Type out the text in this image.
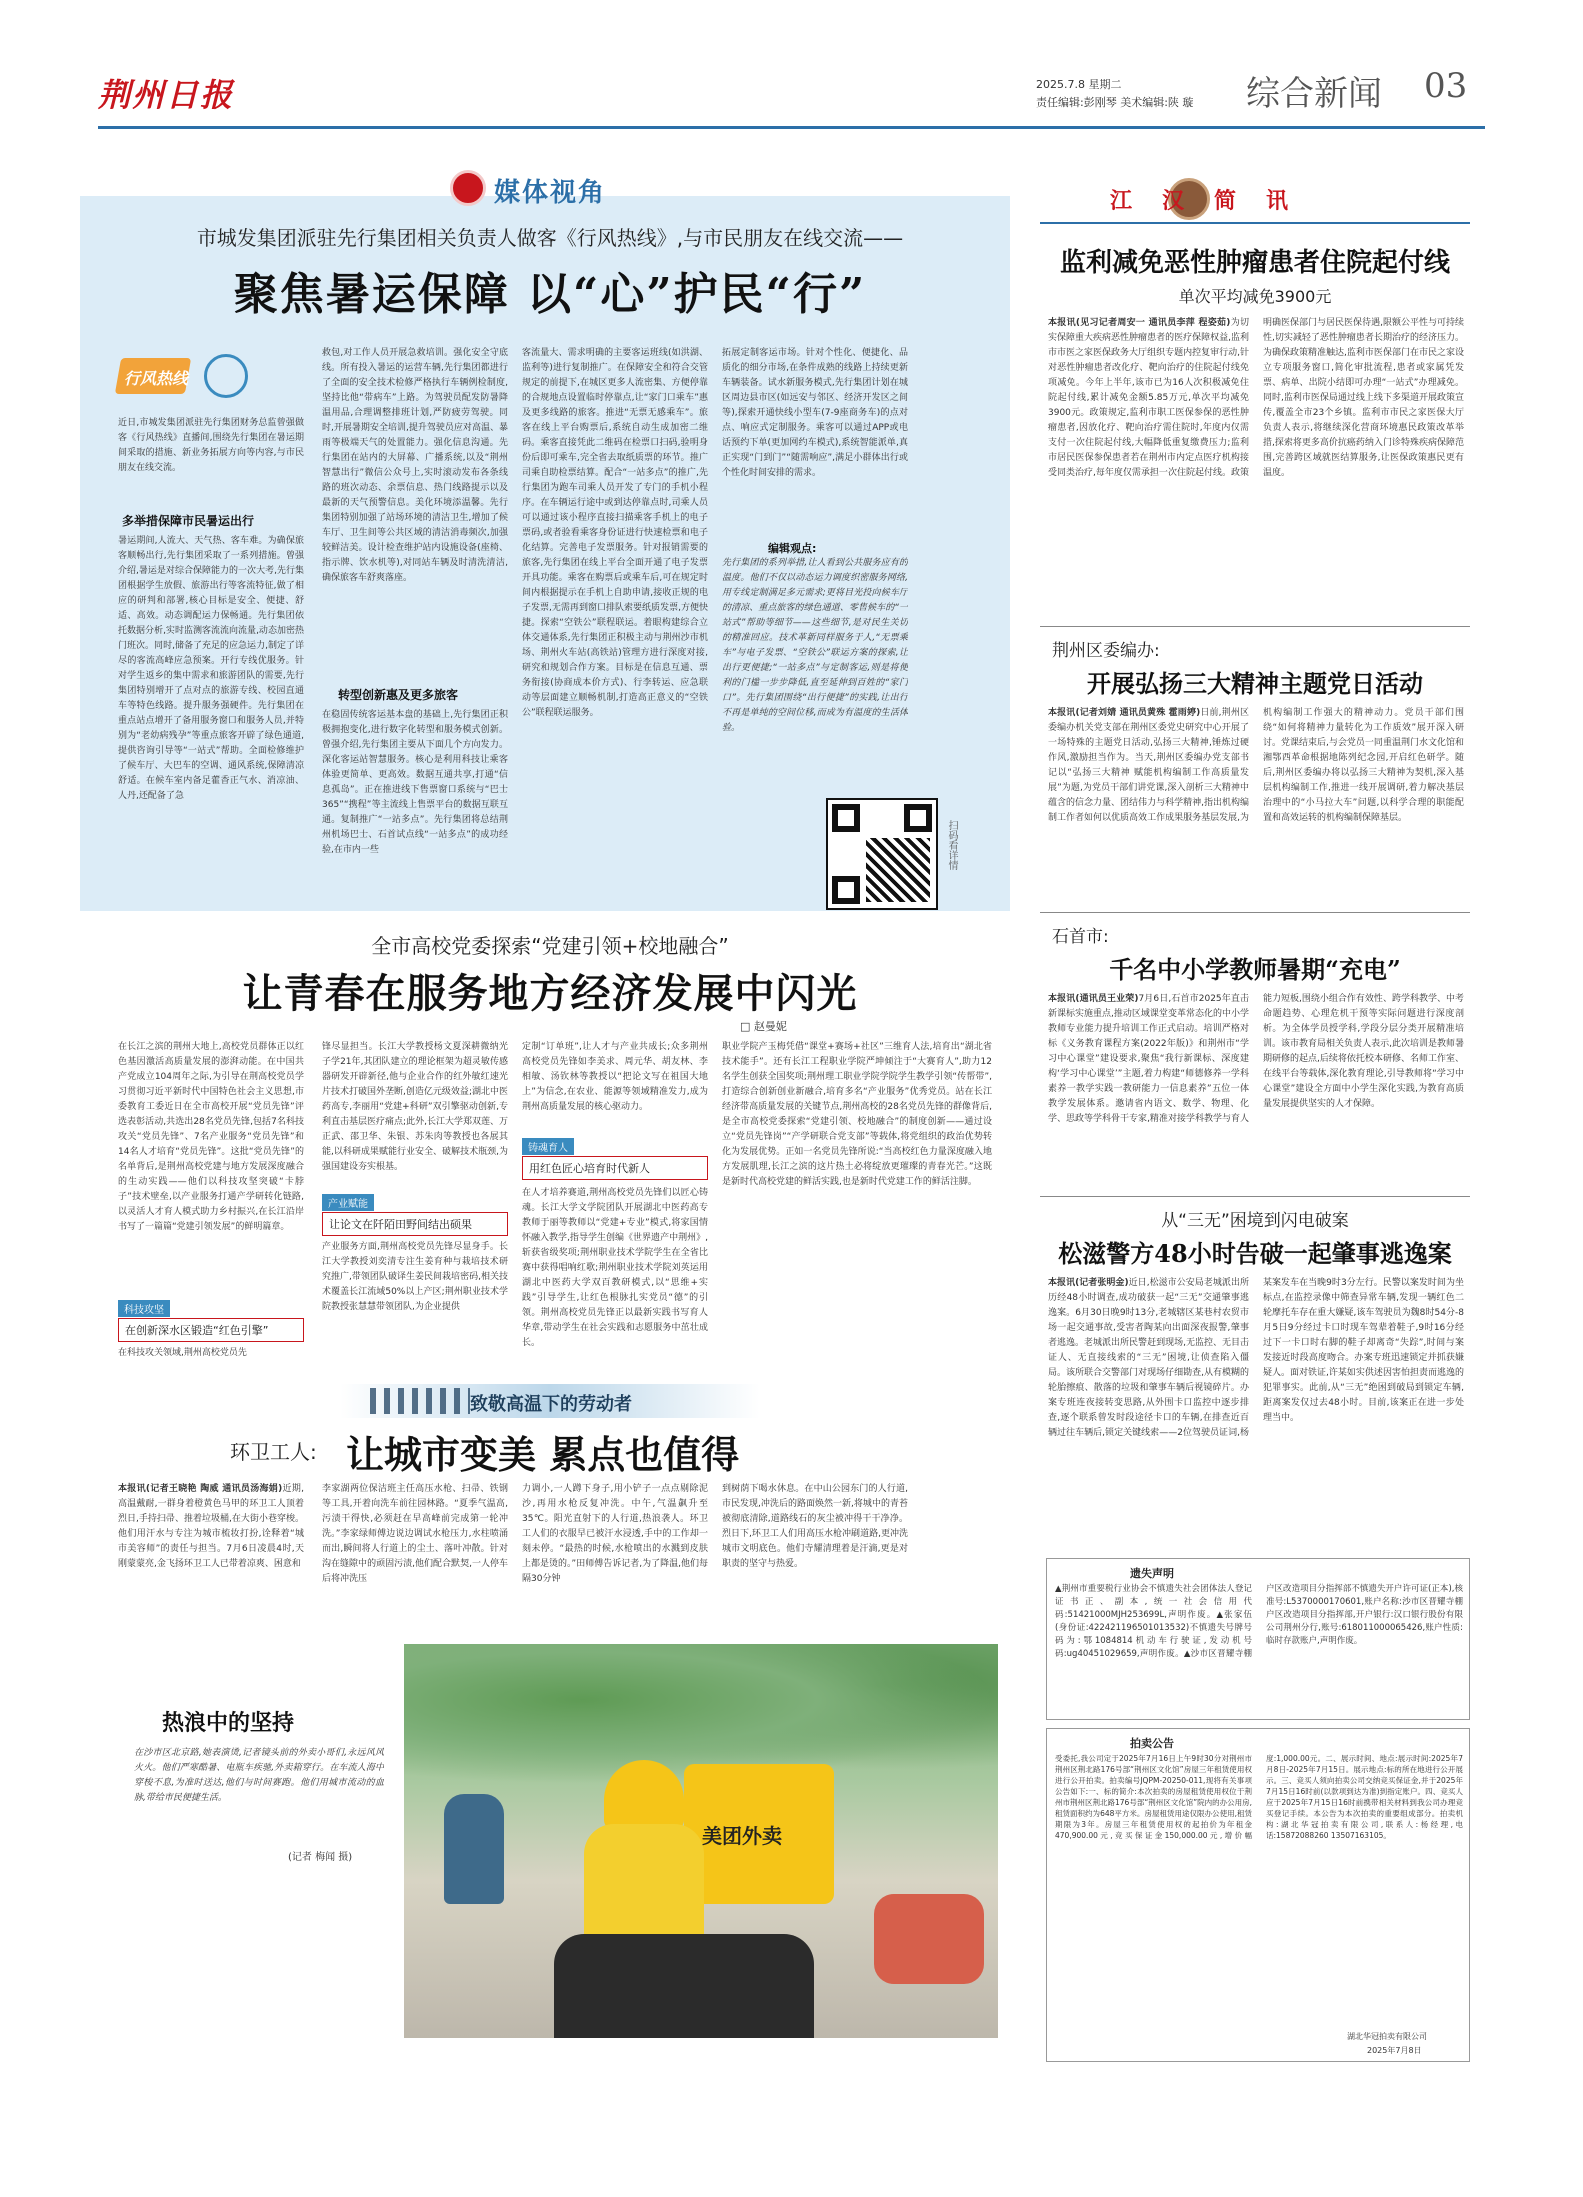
荆州日报	2025.7.8 星期二
责任编辑:彭刚琴 美术编辑:陕 璇 综合新闻 03
媒体视角
市城发集团派驻先行集团相关负责人做客《行风热线》,与市民朋友在线交流——
聚焦暑运保障 以“心”护民“行”
行风热线
近日,市城发集团派驻先行集团财务总监曾强做客《行风热线》直播间,围绕先行集团在暑运期间采取的措施、新业务拓展方向等内容,与市民朋友在线交流。
多举措保障市民暑运出行
暑运期间,人流大、天气热、客车难。为确保旅客顺畅出行,先行集团采取了一系列措施。曾强介绍,暑运是对综合保障能力的一次大考,先行集团根据学生放假、旅游出行等客流特征,做了相应的研判和部署,核心目标是安全、便捷、舒适、高效。动态调配运力保畅通。先行集团依托数据分析,实时监测客流流向流量,动态加密热门班次。同时,储备了充足的应急运力,制定了详尽的客流高峰应急预案。开行专线优服务。针对学生返乡的集中需求和旅游团队的需要,先行集团特别增开了点对点的旅游专线、校园直通车等特色线路。提升服务强硬件。先行集团在重点站点增开了备用服务窗口和服务人员,并特别为“老幼病残孕”等重点旅客开辟了绿色通道,提供咨询引导等“一站式”帮助。全面检修维护了候车厅、大巴车的空调、通风系统,保障清凉舒适。在候车室内备足藿香正气水、消凉油、人丹,还配备了急
救包,对工作人员开展急救培训。强化安全守底线。所有投入暑运的运营车辆,先行集团都进行了全面的安全技术检修严格执行车辆例检制度,坚持比他“带病车”上路。为驾驶员配发防暑降温用品,合理调整排班计划,严防疲劳驾驶。同时,开展暑期安全培训,提升驾驶员应对高温、暴雨等极端天气的处置能力。强化信息沟通。先行集团在站内的大屏幕、广播系统,以及“荆州智慧出行”微信公众号上,实时滚动发布各条线路的班次动态、余票信息、热门线路提示以及最新的天气预警信息。美化环境添温馨。先行集团特别加强了站场环境的清洁卫生,增加了候车厅、卫生间等公共区域的清洁消毒频次,加强较鲜洁美。设计检查维护站内设施设备(座椅、指示牌、饮水机等),对同站车辆及时清洗清洁,确保旅客车舒爽落座。
转型创新惠及更多旅客
在稳固传统客运基本盘的基础上,先行集团正积极拥抱变化,进行数字化转型和服务模式创新。曾强介绍,先行集团主要从下面几个方向发力。深化客运站智慧服务。核心是利用科技让乘客体验更简单、更高效。数据互通共享,打通“信息孤岛”。正在推进线下售票窗口系统与“巴士365”“携程”等主流线上售票平台的数据互联互通。复制推广“一站多点”。先行集团将总结荆州机场巴士、石首试点线“一站多点”的成功经验,在市内一些
客流量大、需求明确的主要客运班线(如洪湖、监利等)进行复制推广。在保障安全和符合交管规定的前提下,在城区更多人流密集、方便停靠的合规地点设置临时停靠点,让“家门口乘车”惠及更多线路的旅客。推进“无票无感乘车”。旅客在线上平台购票后,系统自动生成加密二维码。乘客直接凭此二维码在检票口扫码,验明身份后即可乘车,完全省去取纸质票的环节。推广司乘自助检票结算。配合“一站多点”的推广,先行集团为跑车司乘人员开发了专门的手机小程序。在车辆运行途中或到达停靠点时,司乘人员可以通过该小程序直接扫描乘客手机上的电子票码,或者验看乘客身份证进行快速检票和电子化结算。完善电子发票服务。针对报销需要的旅客,先行集团在线上平台全面开通了电子发票开具功能。乘客在购票后或乘车后,可在规定时间内根据提示在手机上自助申请,接收正规的电子发票,无需再到窗口排队索要纸质发票,方便快捷。探索“空铁公”联程联运。着眼构建综合立体交通体系,先行集团正积极主动与荆州沙市机场、荆州火车站(高铁站)管理方进行深度对接,研究和规划合作方案。目标是在信息互通、票务衔接(协商成本价方式)、行李转运、应急联动等层面建立顺畅机制,打造高正意义的“空铁公”联程联运服务。
拓展定制客运市场。针对个性化、便捷化、品质化的细分市场,在条件成熟的线路上持续更新车辆装备。试水新服务模式,先行集团计划在城区周边县市区(如远安与邻区、经济开发区之间等),探索开通快线小型车(7-9座商务车)的点对点、响应式定制服务。乘客可以通过APP或电话预约下单(更加网约车模式),系统智能派单,真正实现“门到门”“随需响应”,满足小群体出行或个性化时间安排的需求。
编辑观点:
先行集团的系列举措,让人看到公共服务应有的温度。他们不仅以动态运力调度织密服务网络,用专线定制满足多元需求;更将目光投向候车厅的清凉、重点旅客的绿色通道、零售候车的“一站式”帮助等细节——这些细节,是对民生关切的精准回应。技术革新同样服务于人,“无票乘车”与电子发票、“空铁公”联运方案的探索,让出行更便捷;“一站多点”与定制客运,则是将便利的门槛一步步降低,直至延伸到百姓的“家门口”。先行集团围绕“出行便捷”的实践,让出行不再是单纯的空间位移,而成为有温度的生活体验。
扫码看详情
全市高校党委探索“党建引领+校地融合”
让青春在服务地方经济发展中闪光
□ 赵曼妮
在长江之滨的荆州大地上,高校党员群体正以红色基因激活高质量发展的澎湃动能。在中国共产党成立104周年之际,为引导在荆高校党员学习贯彻习近平新时代中国特色社会主义思想,市委教育工委近日在全市高校开展“党员先锋”评选表彰活动,共选出28名党员先锋,包括7名科技攻关“党员先锋”、7名产业服务“党员先锋”和14名人才培育“党员先锋”。这批“党员先锋”的名单背后,是荆州高校党建与地方发展深度融合的生动实践——他们以科技攻坚突破“卡脖子”技术壁垒,以产业服务打通产学研转化链路,以灵活人才育人模式助力乡村振兴,在长江沿岸书写了一篇篇“党建引领发展”的鲜明篇章。
科技攻坚
在创新深水区锻造“红色引擎”
在科技攻关领域,荆州高校党员先
锋尽显担当。长江大学教授杨文夏深耕微纳光子学21年,其团队建立的理论框架为超灵敏传感器研发开辟新径,他与企业合作的红外敏红速光片技术打破国外垄断,创造亿元级效益;湖北中医药高专,李丽用“党建+科研”双引擎驱动创新,专利直击基层医疗痛点;此外,长江大学郑双莲、万正武、邵卫华、朱银、苏朱肉等教授也各展其能,以科研成果赋能行业安全、破解技术瓶颈,为强国建设夯实根基。
产业赋能
让论文在阡陌田野间结出硕果
产业服务方面,荆州高校党员先锋尽显身手。长江大学教授刘奕清专注生姜育种与栽培技术研究推广,带领团队破译生姜民间栽培密码,相关技术覆盖长江流域50%以上产区;荆州职业技术学院教授张慧慧带领团队,为企业提供
定制“订单班”,让人才与产业共成长;众多荆州高校党员先锋如李美求、周元华、胡友林、李相敏、汤钦林等教授以“把论文写在祖国大地上”为信念,在农业、能源等领域精准发力,成为荆州高质量发展的核心驱动力。
铸魂育人
用红色匠心培育时代新人
在人才培养赛道,荆州高校党员先锋们以匠心铸魂。长江大学文学院团队开展湖北中医药高专教师于丽等教师以“党建+专业”模式,将家国情怀融入教学,指导学生创编《世界遗产中荆州》,斩获省级奖项;荆州职业技术学院学生在全省比赛中获得唱响红歌;荆州职业技术学院刘英运用湖北中医药大学双百教研模式,以“思维+实践”引导学生,让红色根脉扎实党员“德”的引领。荆州高校党员先锋正以最新实践书写育人华章,带动学生在社会实践和志愿服务中茁壮成长。
职业学院产玉梅凭借“课堂+赛场+社区”三维育人法,培育出“湖北省技术能手”。还有长江工程职业学院严坤倾注于“大赛育人”,助力12名学生创获全国奖项;荆州理工职业学院学院学生教学引领“传帮带”,打造综合创新创业新融合,培育多名“产业服务”优秀党员。站在长江经济带高质量发展的关键节点,荆州高校的28名党员先锋的群像背后,是全市高校党委探索“党建引领、校地融合”的制度创新——通过设立“党员先锋岗”“产学研联合党支部”等载体,将党组织的政治优势转化为发展优势。正如一名党员先锋所说:“当高校红色力量深度融入地方发展肌理,长江之滨的这片热土必将绽放更璀璨的青春光芒。”这既是新时代高校党建的鲜活实践,也是新时代党建工作的鲜活注脚。
致敬高温下的劳动者
环卫工人: 让城市变美 累点也值得
本报讯(记者王晓艳 陶威 通讯员汤海娟)近期,高温戴耐,一群身着橙黄色马甲的环卫工人顶着烈日,手持扫帚、推着垃圾桶,在大街小巷穿梭。他们用汗水与专注为城市梳妆打扮,诠释着“城市美容师”的责任与担当。7月6日凌晨4时,天刚蒙蒙亮,金飞扬环卫工人已带着凉爽、困意和
李家湖两位保洁班主任高压水枪、扫帚、铁钢等工具,开着向洗车前往园林路。“夏季气温高,污渍干得快,必须赶在早高峰前完成第一轮冲洗。”李家绿师傅边说边调试水枪压力,水柱喷涌而出,瞬间将人行道上的尘土、落叶冲散。针对沟在缝隙中的顽固污渍,他们配合默契,一人停车后将冲洗压
力调小,一人蹲下身子,用小铲子一点点剔除泥沙,再用水枪反复冲洗。中午,气温飙升至35℃。阳光直射下的人行道,热浪袭人。环卫工人们的衣服早已被汗水浸透,手中的工作却一刻未停。“最热的时候,水枪喷出的水溅到皮肤上都是烫的。”田师傅告诉记者,为了降温,他们每隔30分钟
到树荫下喝水休息。在中山公园东门的人行道,市民发现,冲洗后的路面焕然一新,将城中的青苔被彻底清除,道路线石的灰尘被冲得干干净净。烈日下,环卫工人们用高压水枪冲刷道路,更冲洗城市文明底色。他们寺耀清理着是汗滴,更是对职责的坚守与热爱。
热浪中的坚持
在沙市区北京路,她表演烫,记者镜头前的外卖小哥们,永远风风火火。他们严寒酷暑、电瓶车疾驰,外卖箱穿行。在车流人海中穿梭不息,为准时送达,他们与时间赛跑。他们用城市流动的血脉,带给市民便捷生活。
(记者 梅闻 摄)
美团外卖
江汉简讯
监利减免恶性肿瘤患者住院起付线
单次平均减免3900元
本报讯(见习记者周安一 通讯员李萍 程姿茹)为切实保障重大疾病恶性肿瘤患者的医疗保障权益,监利市市医之家医保政务大厅组织专题内控复审行动,针对恶性肿瘤患者改化疗、靶向治疗的住院起付线免项减免。今年上半年,该市已为16人次积极减免住院起付线,累计减免金额5.85万元,单次平均减免3900元。政策规定,监利市职工医保参保的恶性肿瘤患者,因放化疗、靶向治疗需住院时,年度内仅需支付一次住院起付线,大幅降低重复缴费压力;监利市居民医保参保患者若在荆州市内定点医疗机构接受同类治疗,每年度仅需承担一次住院起付线。政策明确医保部门与居民医保待遇,限额公平性与可持续性,切实减轻了恶性肿瘤患者长期治疗的经济压力。为确保政策精准触达,监利市医保部门在市民之家设立专项服务窗口,简化审批流程,患者或家属凭发票、病单、出院小结即可办理“一站式”办理减免。同时,监利市医保局通过线上线下多渠道开展政策宣传,覆盖全市23个乡镇。监利市市民之家医保大厅负责人表示,将继续深化营商环境惠民政策改革举措,探索将更多高价抗癌药纳入门诊特殊疾病保障范围,完善跨区域就医结算服务,让医保政策惠民更有温度。
荆州区委编办:
开展弘扬三大精神主题党日活动
本报讯(记者刘婧 通讯员黄殊 霍雨婷)日前,荆州区委编办机关党支部在荆州区委党史研究中心开展了一场特殊的主题党日活动,弘扬三大精神,锤炼过硬作风,激励担当作为。当天,荆州区委编办党支部书记以“弘扬三大精神 赋能机构编制工作高质量发展”为题,为党员干部们讲党课,深入剖析三大精神中蕴含的信念力量、团结伟力与科学精神,指出机构编制工作者如何以优质高效工作成果服务基层发展,为机构编制工作强大的精神动力。党员干部们围绕“如何将精神力量转化为工作质效”展开深入研讨。党课结束后,与会党员一同重温荆门水文化馆和湘鄂西革命根据地陈列纪念园,开启红色研学。随后,荆州区委编办将以弘扬三大精神为契机,深入基层机构编制工作,推进一线开展调研,着力解决基层治理中的“小马拉大车”问题,以科学合理的职能配置和高效运转的机构编制保障基层。
石首市:
千名中小学教师暑期“充电”
本报讯(通讯员王业荣)7月6日,石首市2025年直击新课标实施重点,推动区域课堂变革常态化的中小学教师专业能力提升培训工作正式启动。培训严格对标《义务教育课程方案(2022年版)》和荆州市“学习中心课堂”建设要求,聚焦“我行新课标、深度建构‘学习中心课堂’”主题,着力构建“师德修养一学科素养一教学实践一教研能力一信息素养”五位一体教学发展体系。邀请省内语文、数学、物理、化学、思政等学科骨干专家,精准对接学科教学与育人能力短板,围绕小组合作有效性、跨学科教学、中考命题趋势、心理危机干预等实际问题进行深度剖析。为全体学员授学科,学段分层分类开展精准培训。该市教育局相关负责人表示,此次培训是教师暑期研修的起点,后续将依托校本研修、名师工作室、在线平台等载体,深化教育理论,引导教师将“学习中心课堂”建设全方面中小学生深化实践,为教育高质量发展提供坚实的人才保障。
从“三无”困境到闪电破案
松滋警方48小时告破一起肇事逃逸案
本报讯(记者张明金)近日,松滋市公安局老城派出所历经48小时调查,成功破获一起“三无”交通肇事逃逸案。6月30日晚9时13分,老城辖区某巷村农贸市场一起交通事故,受害者陶某向出面深夜报警,肇事者逃逸。老城派出所民警赶到现场,无监控、无目击证人、无直接线索的“三无”困境,让侦查陷入僵局。该所联合交警部门对现场仔细勘查,从有模糊的轮胎擦痕、散落的垃圾和肇事车辆后视镜碎片。办案专班连夜接转变思路,从外围卡口监控中逐步排查,逐个联系曾发时段途径卡口的车辆,在排查近百辆过往车辆后,锁定关键线索——2位驾驶员证词,杨某案发车在当晚9时3分左行。民警以案发时间为坐标点,在监控录像中筛查异常车辆,发现一辆红色二轮摩托车存在重大嫌疑,该车驾驶员为魏8时54分-8月5日9分经过卡口时现车驾辈着鞋子,9时16分经过下一卡口时右脚的鞋子却离奇“失踪”,时间与案发接近时段高度吻合。办案专班迅速锁定并抓获嫌疑人。面对铁证,许某如实供述因害怕担责而逃逸的犯罪事实。此前,从“三无”绝困到破局到锁定车辆,距离案发仅过去48小时。目前,该案正在进一步处理当中。
遗失声明
▲荆州市重要税行业协会不慎遗失社会团体法人登记证书正、副本,统一社会信用代码:51421000MJH253699L,声明作废。▲张家伍(身份证:422421196501013532)不慎遗失号牌号码为:鄂1084814机动车行驶证,发动机号码:ug40451029659,声明作废。▲沙市区晋耀寺棚户区改造项目分指挥部不慎遗失开户许可证(正本),核准号:L5370000170601,账户名称:沙市区晋耀寺棚户区改造项目分指挥部,开户银行:汉口银行股份有限公司荆州分行,账号:618011000065426,账户性质:临时存款账户,声明作废。
拍卖公告
受委托,我公司定于2025年7月16日上午9时30分对荆州市荆州区荆北路176号部“荆州区文化馆”房屋三年租赁使用权进行公开拍卖。拍卖编号JQPM-20250-011,现将有关事项公告如下:一、标的简介:本次拍卖的房屋租赁使用权位于荆州市荆州区荆北路176号部“荆州区文化馆”院内的办公用房,租赁面积约为648平方米。房屋租赁用途仅限办公使用,租赁期限为3年。房屋三年租赁使用权的起拍价为年租金470,900.00元,竞买保证金150,000.00元,增价幅度:1,000.00元。二、展示时间、地点:展示时间:2025年7月8日-2025年7月15日。展示地点:标的所在地进行公开展示。三、竞买人须向拍卖公司交纳竞买保证金,并于2025年7月15日16时前(以款项到达为准)到指定账户。四、竞买人应于2025年7月15日16时前携带相关材料到我公司办理竞买登记手续。本公告为本次拍卖的重要组成部分。拍卖机构:湖北华冠拍卖有限公司,联系人:杨经理,电话:15872088260 13507163105。
湖北华冠拍卖有限公司
2025年7月8日
